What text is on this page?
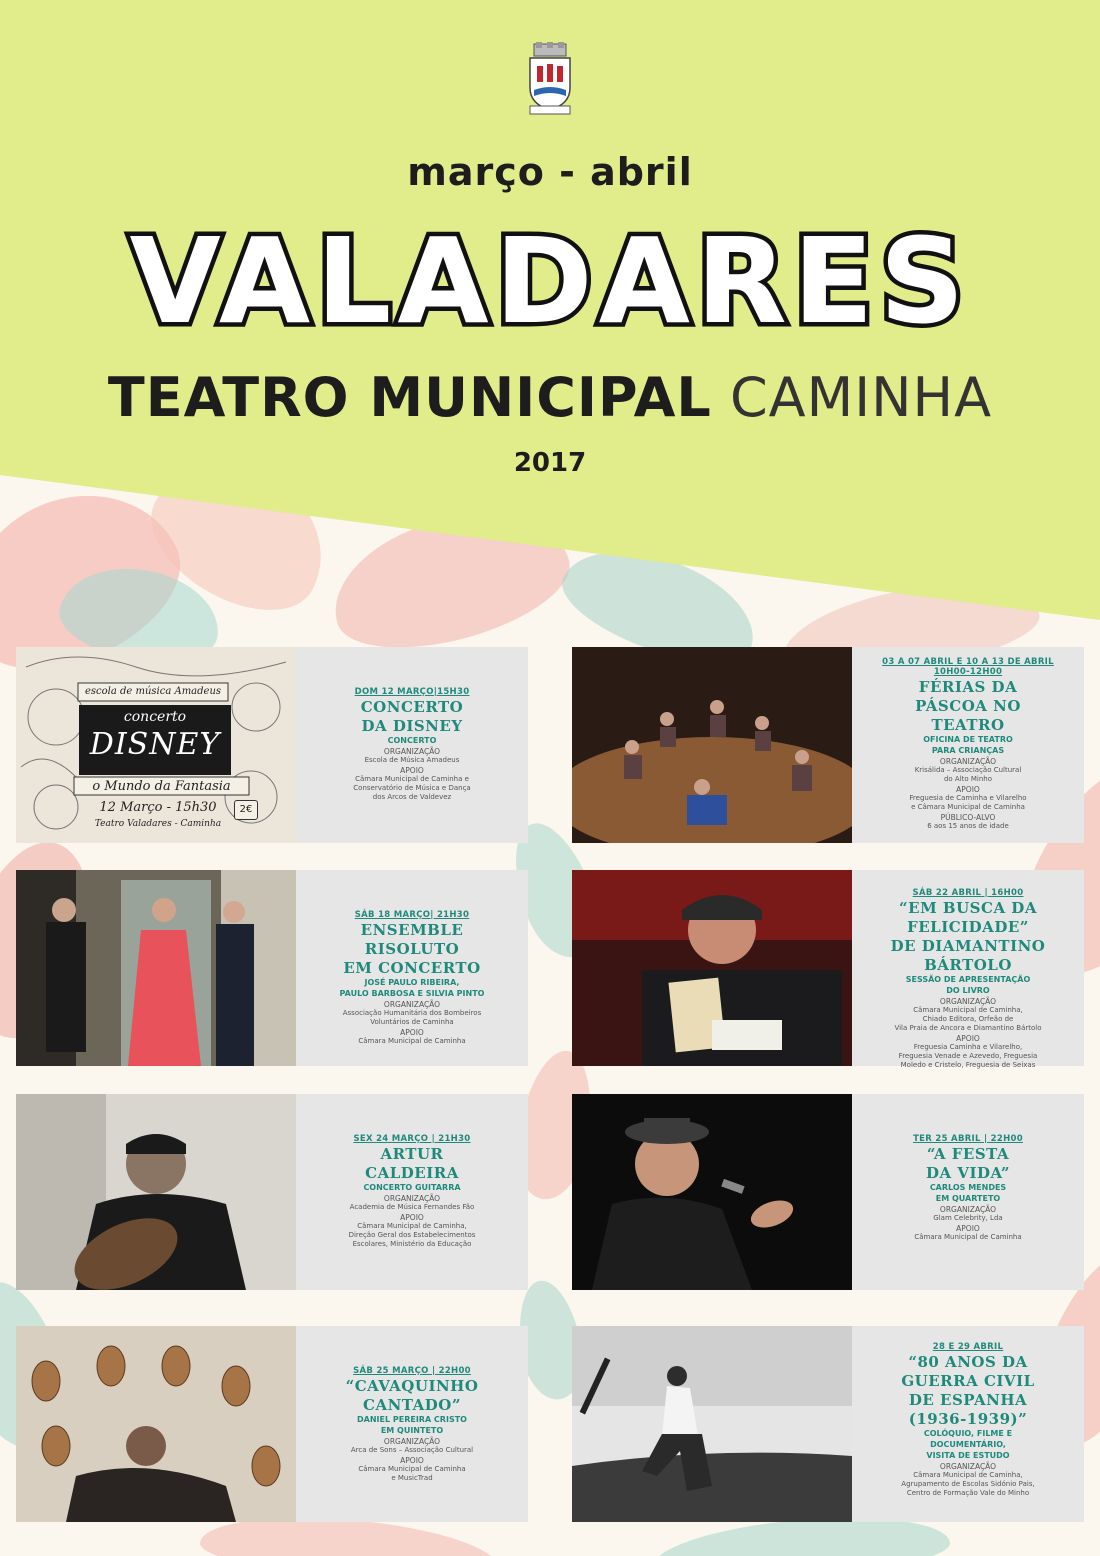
março - abril
VALADARES
TEATRO MUNICIPAL CAMINHA
2017
escola de música Amadeus
concerto
DISNEY
o Mundo da Fantasia
12 Março - 15h30
Teatro Valadares - Caminha
2€
DOM 12 MARÇO|15H30
CONCERTO
DA DISNEY
CONCERTO
ORGANIZAÇÃO
Escola de Música Amadeus
APOIO
Câmara Municipal de Caminha e
Conservatório de Música e Dança
dos Arcos de Valdevez
03 A 07 ABRIL E 10 A 13 DE ABRIL 10H00-12H00
FÉRIAS DA
PÁSCOA NO
TEATRO
OFICINA DE TEATRO
PARA CRIANÇAS
ORGANIZAÇÃO
Krisálida – Associação Cultural
do Alto Minho
APOIO
Freguesia de Caminha e Vilarelho
e Câmara Municipal de Caminha
PÚBLICO-ALVO
6 aos 15 anos de idade
SÁB 18 MARÇO| 21H30
ENSEMBLE
RISOLUTO
EM CONCERTO
JOSÉ PAULO RIBEIRA,
PAULO BARBOSA E SILVIA PINTO
ORGANIZAÇÃO
Associação Humanitária dos Bombeiros
Voluntários de Caminha
APOIO
Câmara Municipal de Caminha
SÁB 22 ABRIL | 16H00
“EM BUSCA DA
FELICIDADE”
DE DIAMANTINO
BÁRTOLO
SESSÃO DE APRESENTAÇÃO
DO LIVRO
ORGANIZAÇÃO
Câmara Municipal de Caminha,
Chiado Editora, Orfeão de
Vila Praia de Ancora e Diamantino Bártolo
APOIO
Freguesia Caminha e Vilarelho,
Freguesia Venade e Azevedo, Freguesia
Moledo e Cristelo, Freguesia de Seixas
SEX 24 MARÇO | 21H30
ARTUR
CALDEIRA
CONCERTO GUITARRA
ORGANIZAÇÃO
Academia de Música Fernandes Fão
APOIO
Câmara Municipal de Caminha,
Direção Geral dos Estabelecimentos
Escolares, Ministério da Educação
TER 25 ABRIL | 22H00
“A FESTA
DA VIDA”
CARLOS MENDES
EM QUARTETO
ORGANIZAÇÃO
Glam Celebrity, Lda
APOIO
Câmara Municipal de Caminha
SÁB 25 MARÇO | 22H00
“CAVAQUINHO
CANTADO”
DANIEL PEREIRA CRISTO
EM QUINTETO
ORGANIZAÇÃO
Arca de Sons – Associação Cultural
APOIO
Câmara Municipal de Caminha
e MusicTrad
28 E 29 ABRIL
“80 ANOS DA
GUERRA CIVIL
DE ESPANHA
(1936-1939)”
COLÓQUIO, FILME E
DOCUMENTÁRIO,
VISITA DE ESTUDO
ORGANIZAÇÃO
Câmara Municipal de Caminha,
Agrupamento de Escolas Sidónio Pais,
Centro de Formação Vale do Minho
